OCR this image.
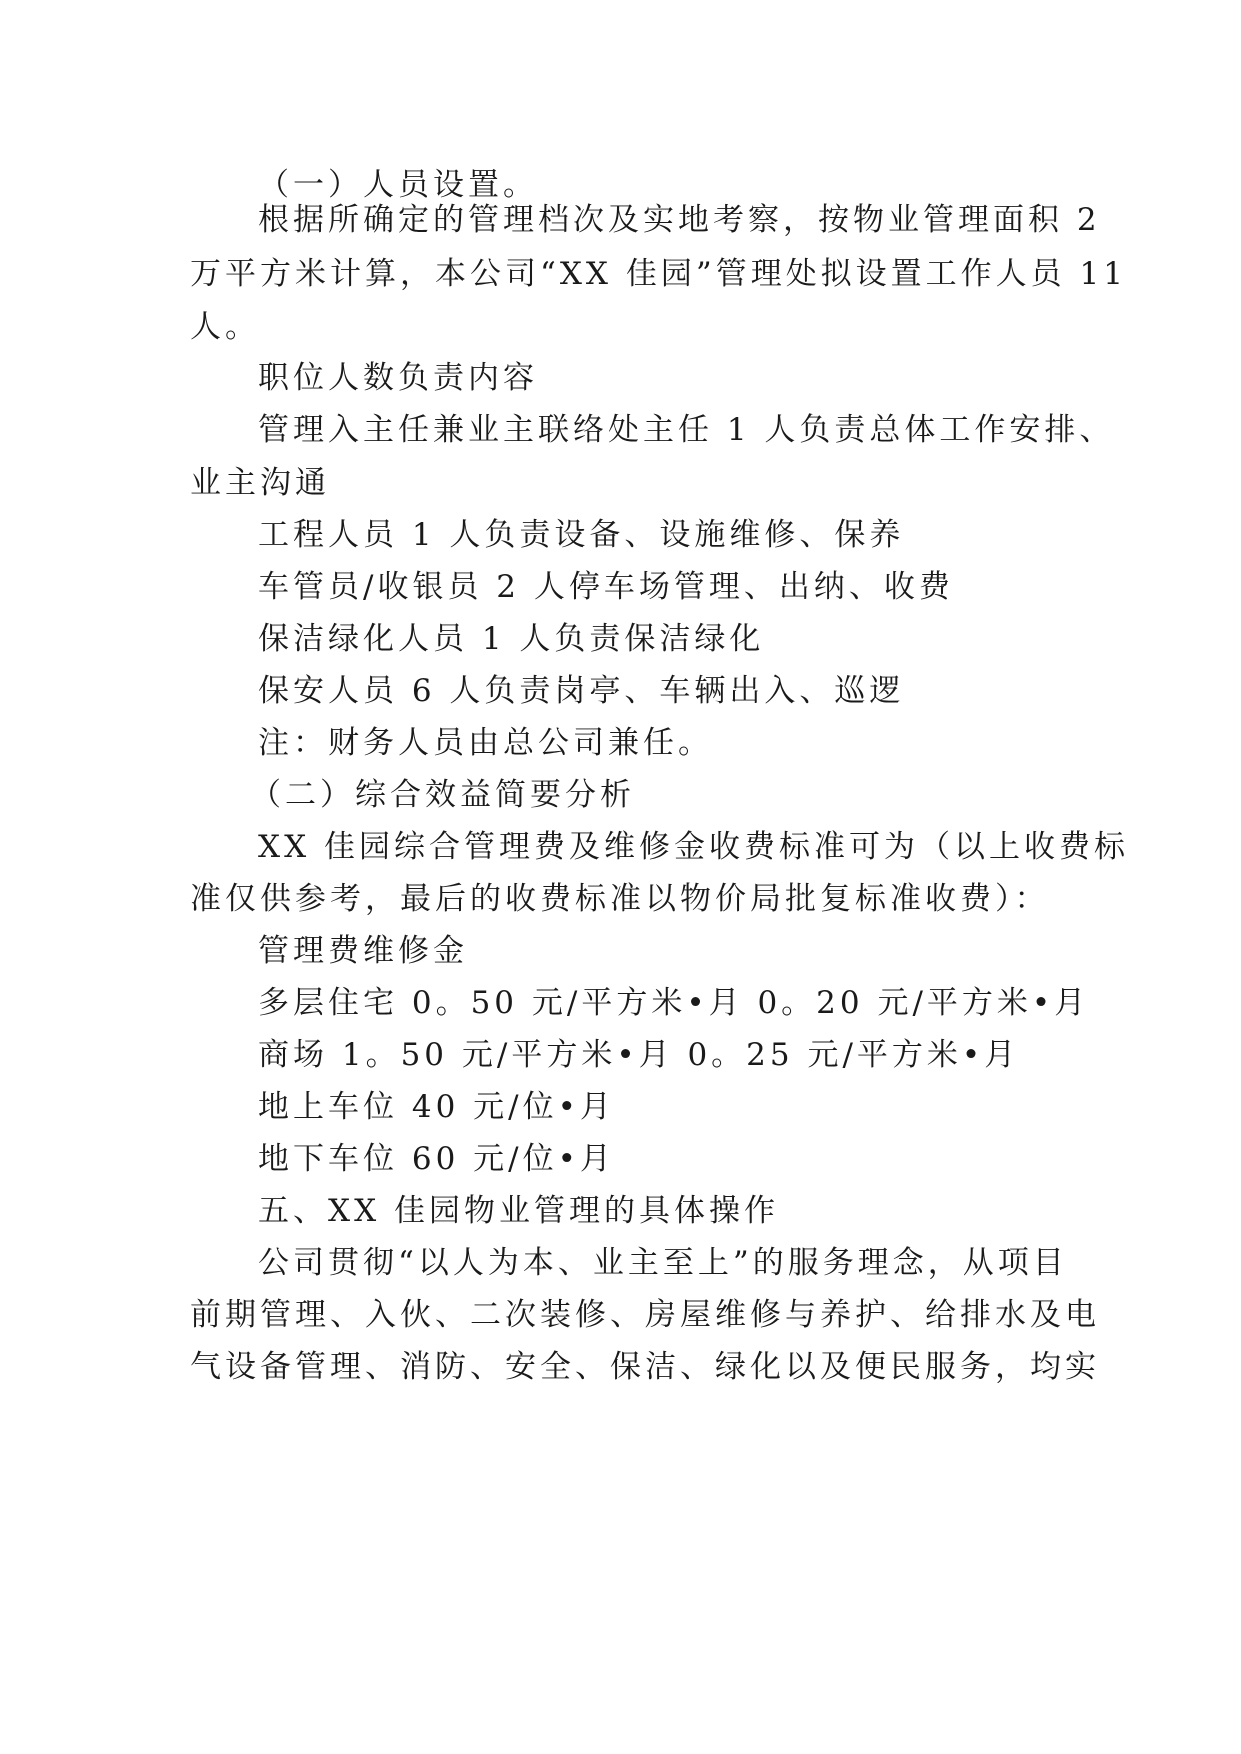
（一）人员设置。
根据所确定的管理档次及实地考察，按物业管理面积 2
万平方米计算，本公司“XX 佳园”管理处拟设置工作人员 11
人。
职位人数负责内容
管理入主任兼业主联络处主任 1 人负责总体工作安排、
业主沟通
工程人员 1 人负责设备、设施维修、保养
车管员/收银员 2 人停车场管理、出纳、收费
保洁绿化人员 1 人负责保洁绿化
保安人员 6 人负责岗亭、车辆出入、巡逻
注：财务人员由总公司兼任。
（二）综合效益简要分析
XX 佳园综合管理费及维修金收费标准可为（以上收费标
准仅供参考，最后的收费标准以物价局批复标准收费）：
管理费维修金
多层住宅 0。50 元/平方米•月 0。20 元/平方米•月
商场 1。50 元/平方米•月 0。25 元/平方米•月
地上车位 40 元/位•月
地下车位 60 元/位•月
五、XX 佳园物业管理的具体操作
公司贯彻“以人为本、业主至上”的服务理念，从项目
前期管理、入伙、二次装修、房屋维修与养护、给排水及电
气设备管理、消防、安全、保洁、绿化以及便民服务，均实
